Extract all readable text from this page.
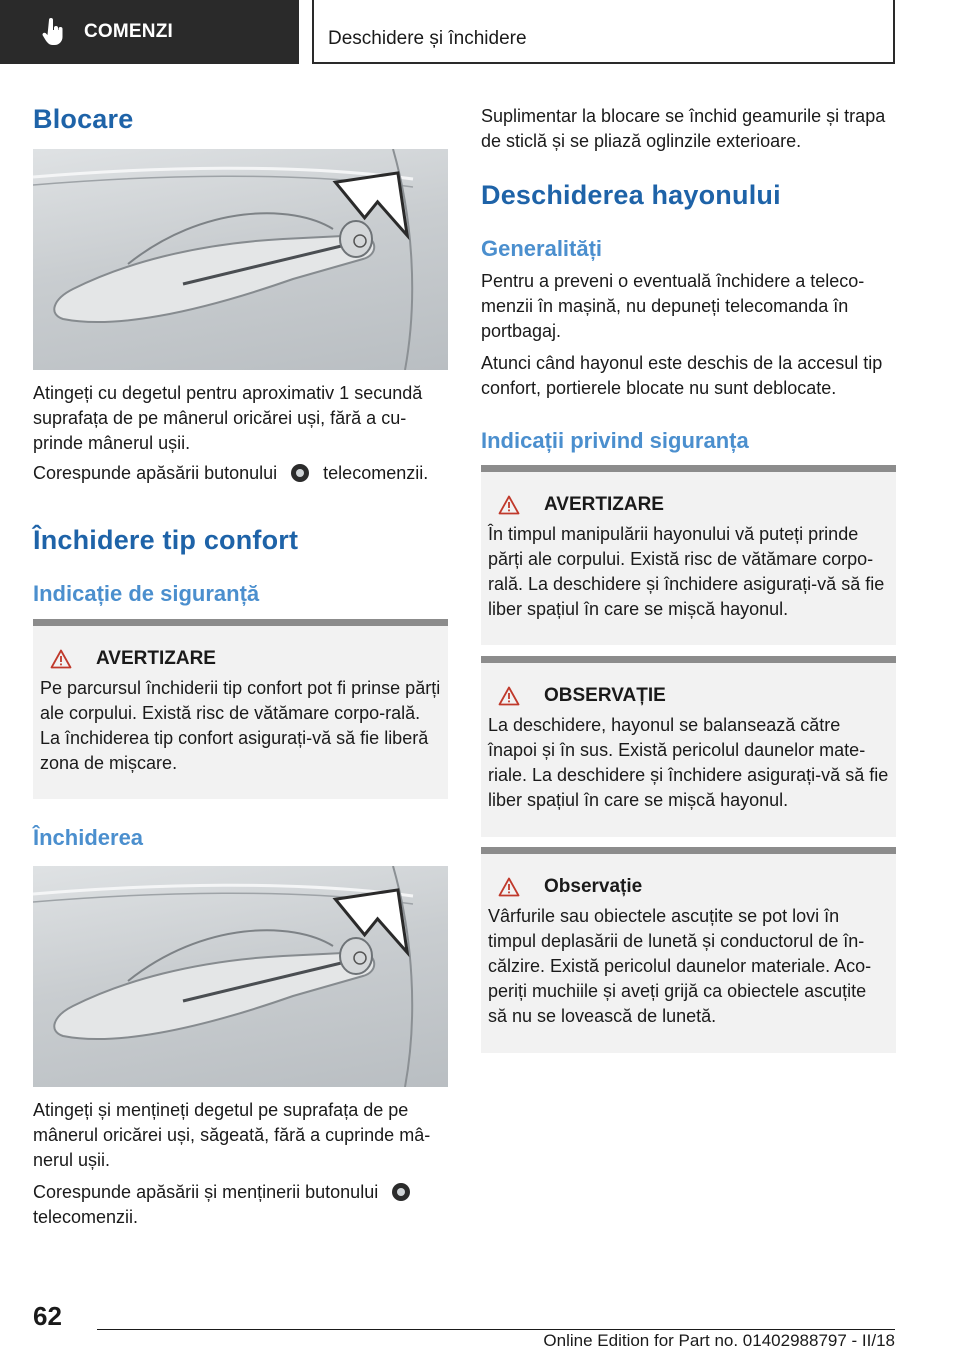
COMENZI	Deschidere și închidere
Blocare
Atingeți cu degetul pentru aproximativ 1 secundă suprafața de pe mânerul oricărei uși, fără a cu-prinde mânerul ușii.
Corespunde apăsării butonului	telecomenzii.
Închidere tip confort
Indicație de siguranță
AVERTIZARE
Pe parcursul închiderii tip confort pot fi prinse părți ale corpului. Există risc de vătămare corpo-rală. La închiderea tip confort asigurați-vă să fie liberă zona de mișcare.
Închiderea
Atingeți și mențineți degetul pe suprafața de pe mânerul oricărei uși, săgeată, fără a cuprinde mâ-nerul ușii.
Corespunde apăsării și menținerii butonului
telecomenzii.
Suplimentar la blocare se închid geamurile și trapa de sticlă și se pliază oglinzile exterioare.
Deschiderea hayonului
Generalități
Pentru a preveni o eventuală închidere a teleco-menzii în mașină, nu depuneți telecomanda în portbagaj.
Atunci când hayonul este deschis de la accesul tip confort, portierele blocate nu sunt deblocate.
Indicații privind siguranța
AVERTIZARE
În timpul manipulării hayonului vă puteți prinde părți ale corpului. Există risc de vătămare corpo-rală. La deschidere și închidere asigurați-vă să fie liber spațiul în care se mișcă hayonul.
OBSERVAȚIE
La deschidere, hayonul se balansează către înapoi și în sus. Există pericolul daunelor mate-riale. La deschidere și închidere asigurați-vă să fie liber spațiul în care se mișcă hayonul.
Observație
Vârfurile sau obiectele ascuțite se pot lovi în timpul deplasării de lunetă și conductorul de în-călzire. Există pericolul daunelor materiale. Aco-periți muchiile și aveți grijă ca obiectele ascuțite să nu se lovească de lunetă.
62
Online Edition for Part no. 01402988797 - II/18
